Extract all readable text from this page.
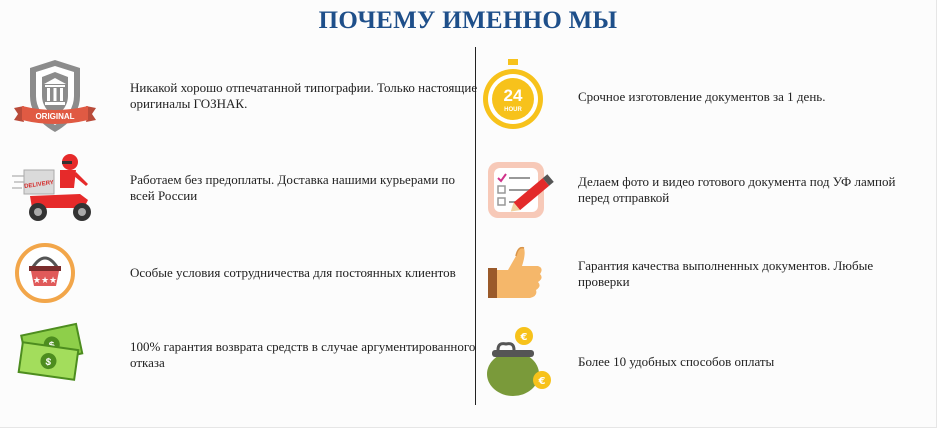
ПОЧЕМУ ИМЕННО МЫ
ORIGINAL
Никакой хорошо отпечатанной типографии. Только настоящие оригиналы ГОЗНАК.
DELIVERY	Работаем без предоплаты. Доставка нашими курьерами по всей России
★★★
Особые условия сотрудничества для постоянных клиентов
$
100% гарантия возврата средств в случае аргументированного отказа
24
HOUR
Срочное изготовление документов за 1 день.
Делаем фото и видео готового документа под УФ лампой перед отправкой
Гарантия качества выполненных документов. Любые проверки
€
€
Более 10 удобных способов оплаты
